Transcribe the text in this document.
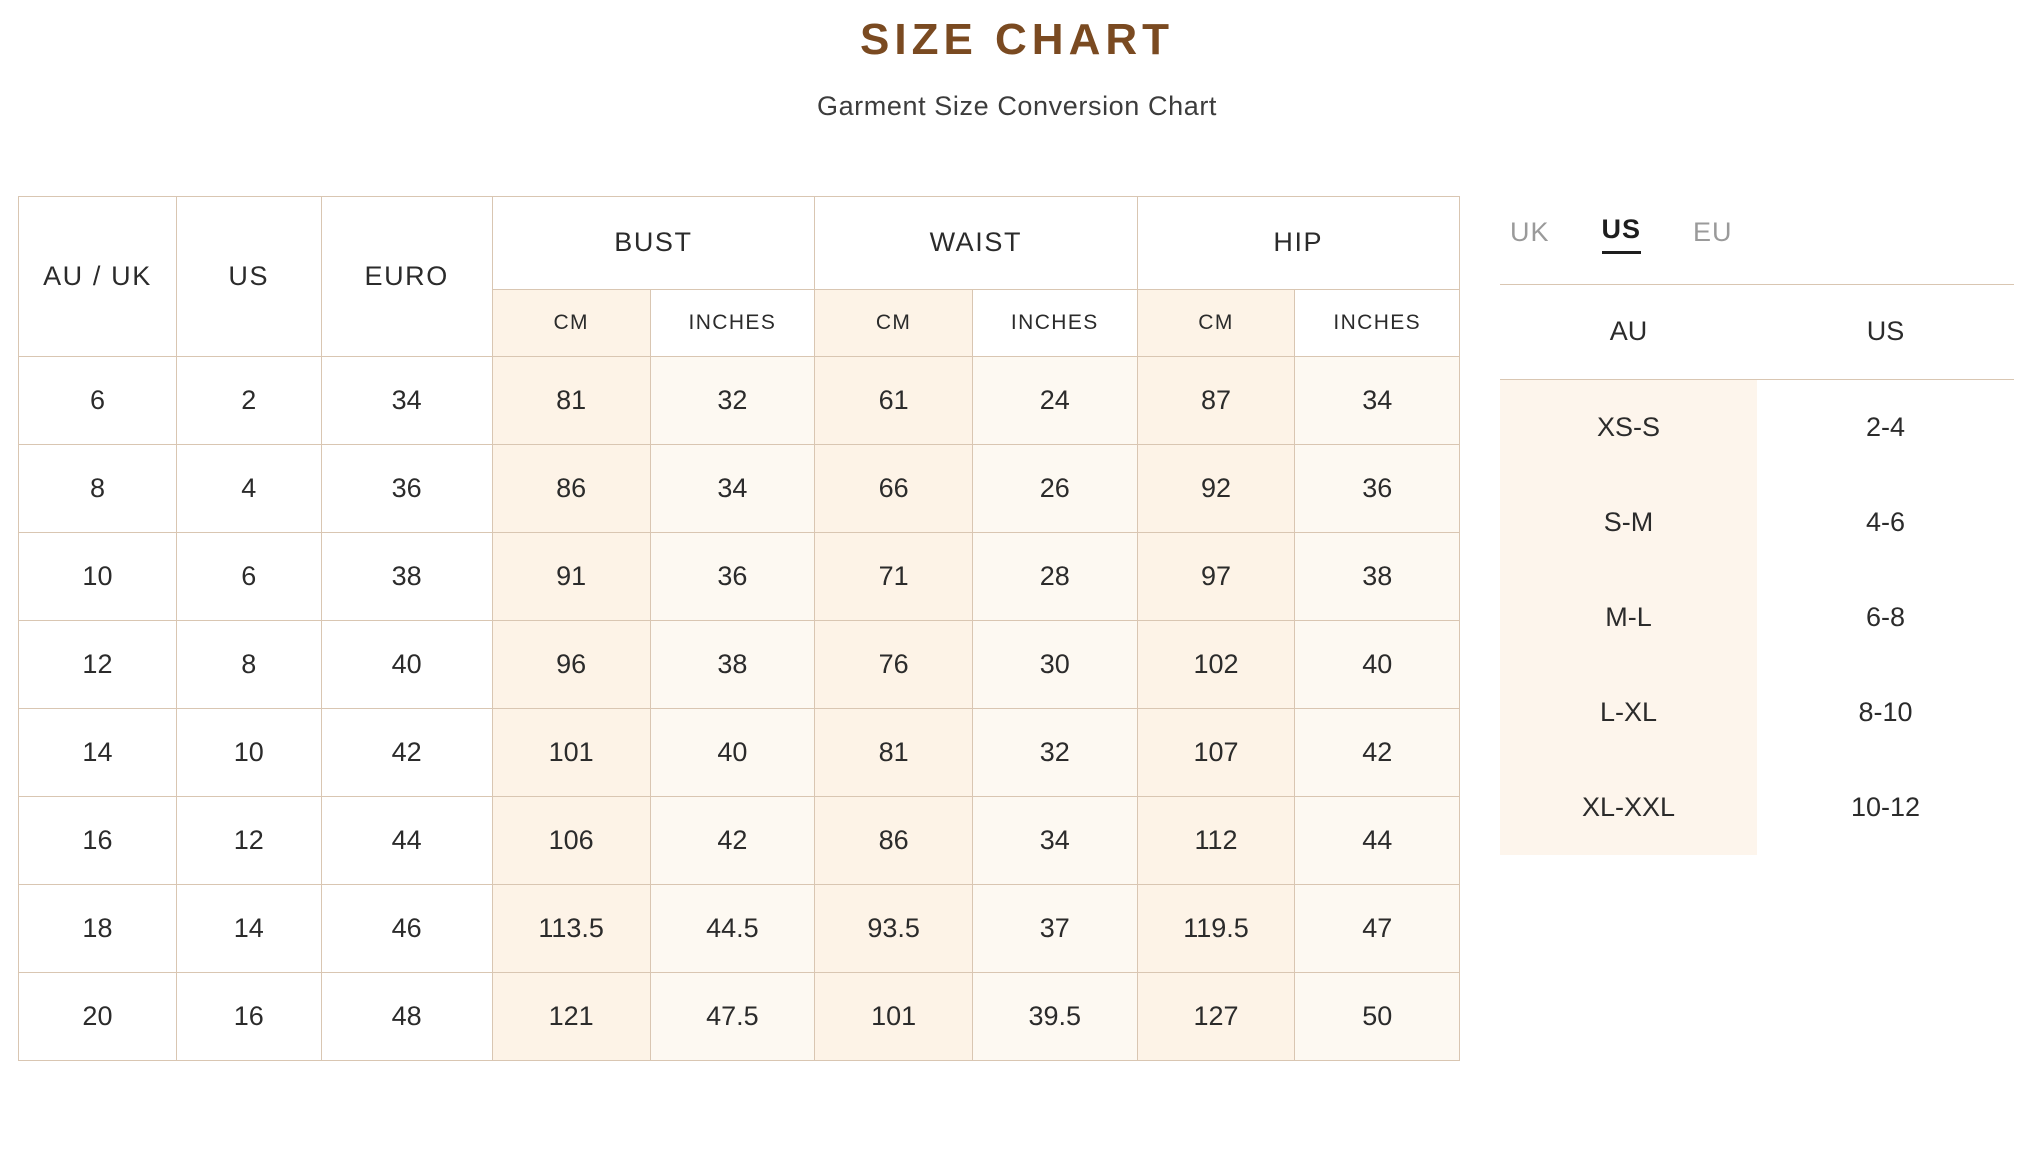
SIZE CHART

Garment Size Conversion Chart

AU / UK	US	EURO	BUST		WAIST		HIP	
			CM	INCHES	CM	INCHES	CM	INCHES
6	2	34	81	32	61	24	87	34
8	4	36	86	34	66	26	92	36
10	6	38	91	36	71	28	97	38
12	8	40	96	38	76	30	102	40
14	10	42	101	40	81	32	107	42
16	12	44	106	42	86	34	112	44
18	14	46	113.5	44.5	93.5	37	119.5	47
20	16	48	121	47.5	101	39.5	127	50
UK US EU
AU	US
XS-S	2-4
S-M	4-6
M-L	6-8
L-XL	8-10
XL-XXL	10-12
